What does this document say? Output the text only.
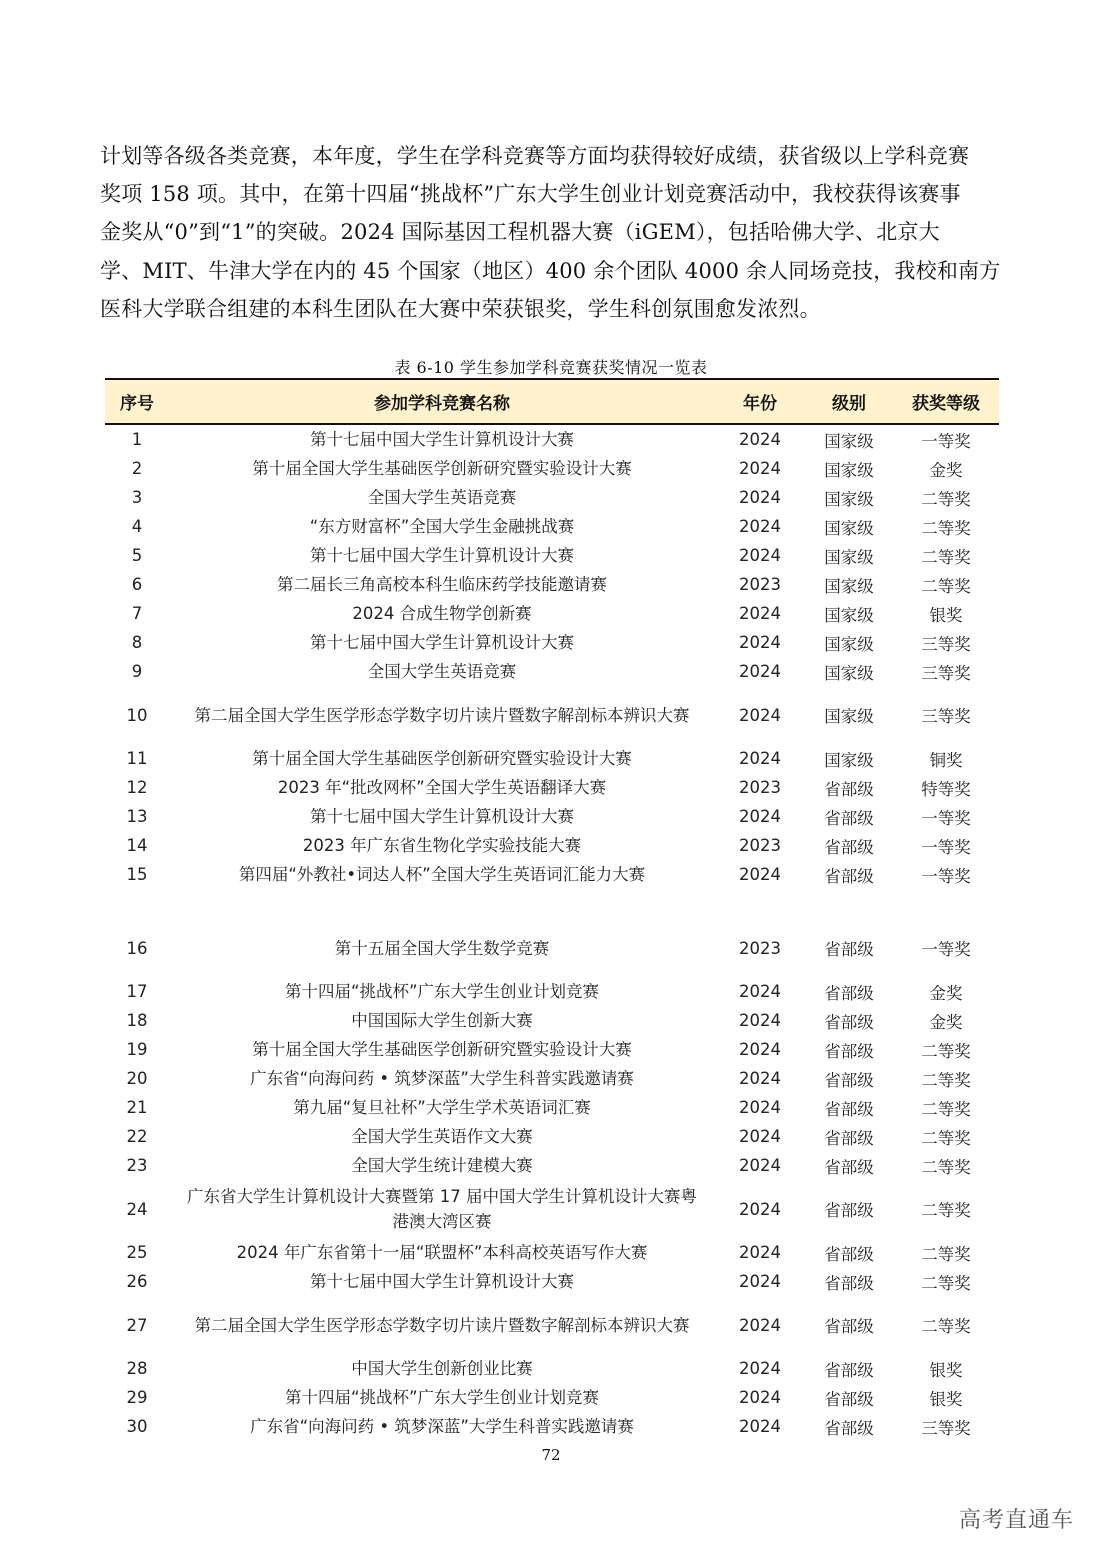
计划等各级各类竞赛，本年度，学生在学科竞赛等方面均获得较好成绩，获省级以上学科竞赛
奖项 158 项。其中，在第十四届“挑战杯”广东大学生创业计划竞赛活动中，我校获得该赛事
金奖从“0”到“1”的突破。2024 国际基因工程机器大赛（iGEM），包括哈佛大学、北京大
学、MIT、牛津大学在内的 45 个国家（地区）400 余个团队 4000 余人同场竞技，我校和南方
医科大学联合组建的本科生团队在大赛中荣获银奖，学生科创氛围愈发浓烈。
表 6-10 学生参加学科竞赛获奖情况一览表
序号	参加学科竞赛名称	年份	级别	获奖等级
1	第十七届中国大学生计算机设计大赛	2024	国家级	一等奖
2	第十届全国大学生基础医学创新研究暨实验设计大赛	2024	国家级	金奖
3	全国大学生英语竞赛	2024	国家级	二等奖
4	“东方财富杯”全国大学生金融挑战赛	2024	国家级	二等奖
5	第十七届中国大学生计算机设计大赛	2024	国家级	二等奖
6	第二届长三角高校本科生临床药学技能邀请赛	2023	国家级	二等奖
7	2024 合成生物学创新赛	2024	国家级	银奖
8	第十七届中国大学生计算机设计大赛	2024	国家级	三等奖
9	全国大学生英语竞赛	2024	国家级	三等奖
10	第二届全国大学生医学形态学数字切片读片暨数字解剖标本辨识大赛	2024	国家级	三等奖
11	第十届全国大学生基础医学创新研究暨实验设计大赛	2024	国家级	铜奖
12	2023 年“批改网杯”全国大学生英语翻译大赛	2023	省部级	特等奖
13	第十七届中国大学生计算机设计大赛	2024	省部级	一等奖
14	2023 年广东省生物化学实验技能大赛	2023	省部级	一等奖
15	第四届“外教社•词达人杯”全国大学生英语词汇能力大赛	2024	省部级	一等奖
16	第十五届全国大学生数学竞赛	2023	省部级	一等奖
17	第十四届“挑战杯”广东大学生创业计划竞赛	2024	省部级	金奖
18	中国国际大学生创新大赛	2024	省部级	金奖
19	第十届全国大学生基础医学创新研究暨实验设计大赛	2024	省部级	二等奖
20	广东省“向海问药 • 筑梦深蓝”大学生科普实践邀请赛	2024	省部级	二等奖
21	第九届“复旦社杯”大学生学术英语词汇赛	2024	省部级	二等奖
22	全国大学生英语作文大赛	2024	省部级	二等奖
23	全国大学生统计建模大赛	2024	省部级	二等奖
24	广东省大学生计算机设计大赛暨第 17 届中国大学生计算机设计大赛粤港澳大湾区赛	2024	省部级	二等奖
25	2024 年广东省第十一届“联盟杯”本科高校英语写作大赛	2024	省部级	二等奖
26	第十七届中国大学生计算机设计大赛	2024	省部级	二等奖
27	第二届全国大学生医学形态学数字切片读片暨数字解剖标本辨识大赛	2024	省部级	二等奖
28	中国大学生创新创业比赛	2024	省部级	银奖
29	第十四届“挑战杯”广东大学生创业计划竞赛	2024	省部级	银奖
30	广东省“向海问药 • 筑梦深蓝”大学生科普实践邀请赛	2024	省部级	三等奖
72
高考直通车
